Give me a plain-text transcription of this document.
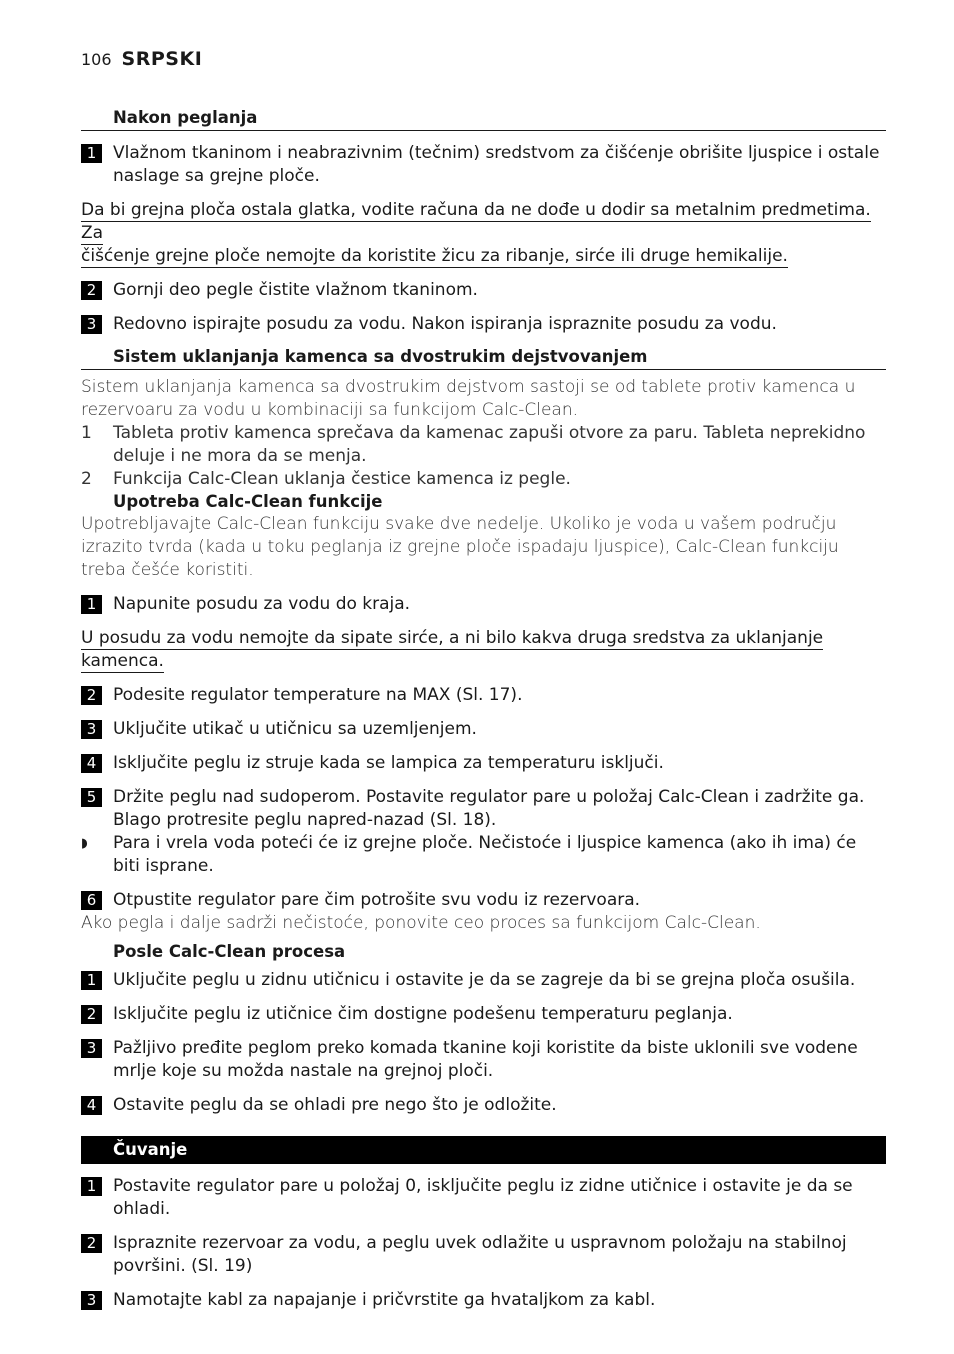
106 SRPSKI
Nakon peglanja
1 Vlažnom tkaninom i neabrazivnim (tečnim) sredstvom za čišćenje obrišite ljuspice i ostale naslage sa grejne ploče.
Da bi grejna ploča ostala glatka, vodite računa da ne dođe u dodir sa metalnim predmetima. Za
čišćenje grejne ploče nemojte da koristite žicu za ribanje, sirće ili druge hemikalije.
2 Gornji deo pegle čistite vlažnom tkaninom.
3 Redovno ispirajte posudu za vodu. Nakon ispiranja ispraznite posudu za vodu.
Sistem uklanjanja kamenca sa dvostrukim dejstvovanjem
Sistem uklanjanja kamenca sa dvostrukim dejstvom sastoji se od tablete protiv kamenca u rezervoaru za vodu u kombinaciji sa funkcijom Calc-Clean.
1	Tableta protiv kamenca sprečava da kamenac zapuši otvore za paru. Tableta neprekidno deluje i ne mora da se menja.
2	Funkcija Calc-Clean uklanja čestice kamenca iz pegle.
Upotreba Calc-Clean funkcije
Upotrebljavajte Calc-Clean funkciju svake dve nedelje. Ukoliko je voda u vašem području izrazito tvrda (kada u toku peglanja iz grejne ploče ispadaju ljuspice), Calc-Clean funkciju treba češće koristiti.
1 Napunite posudu za vodu do kraja.
U posudu za vodu nemojte da sipate sirće, a ni bilo kakva druga sredstva za uklanjanje kamenca.
2 Podesite regulator temperature na MAX (Sl. 17).
3 Uključite utikač u utičnicu sa uzemljenjem.
4 Isključite peglu iz struje kada se lampica za temperaturu isključi.
5 Držite peglu nad sudoperom. Postavite regulator pare u položaj Calc-Clean i zadržite ga. Blago protresite peglu napred-nazad (Sl. 18).
◗	Para i vrela voda poteći će iz grejne ploče. Nečistoće i ljuspice kamenca (ako ih ima) će biti isprane.
6 Otpustite regulator pare čim potrošite svu vodu iz rezervoara.
Ako pegla i dalje sadrži nečistoće, ponovite ceo proces sa funkcijom Calc-Clean.
Posle Calc-Clean procesa
1 Uključite peglu u zidnu utičnicu i ostavite je da se zagreje da bi se grejna ploča osušila.
2 Isključite peglu iz utičnice čim dostigne podešenu temperaturu peglanja.
3 Pažljivo pređite peglom preko komada tkanine koji koristite da biste uklonili sve vodene mrlje koje su možda nastale na grejnoj ploči.
4 Ostavite peglu da se ohladi pre nego što je odložite.
Čuvanje
1 Postavite regulator pare u položaj 0, isključite peglu iz zidne utičnice i ostavite je da se ohladi.
2 Ispraznite rezervoar za vodu, a peglu uvek odlažite u uspravnom položaju na stabilnoj površini. (Sl. 19)
3 Namotajte kabl za napajanje i pričvrstite ga hvataljkom za kabl.
